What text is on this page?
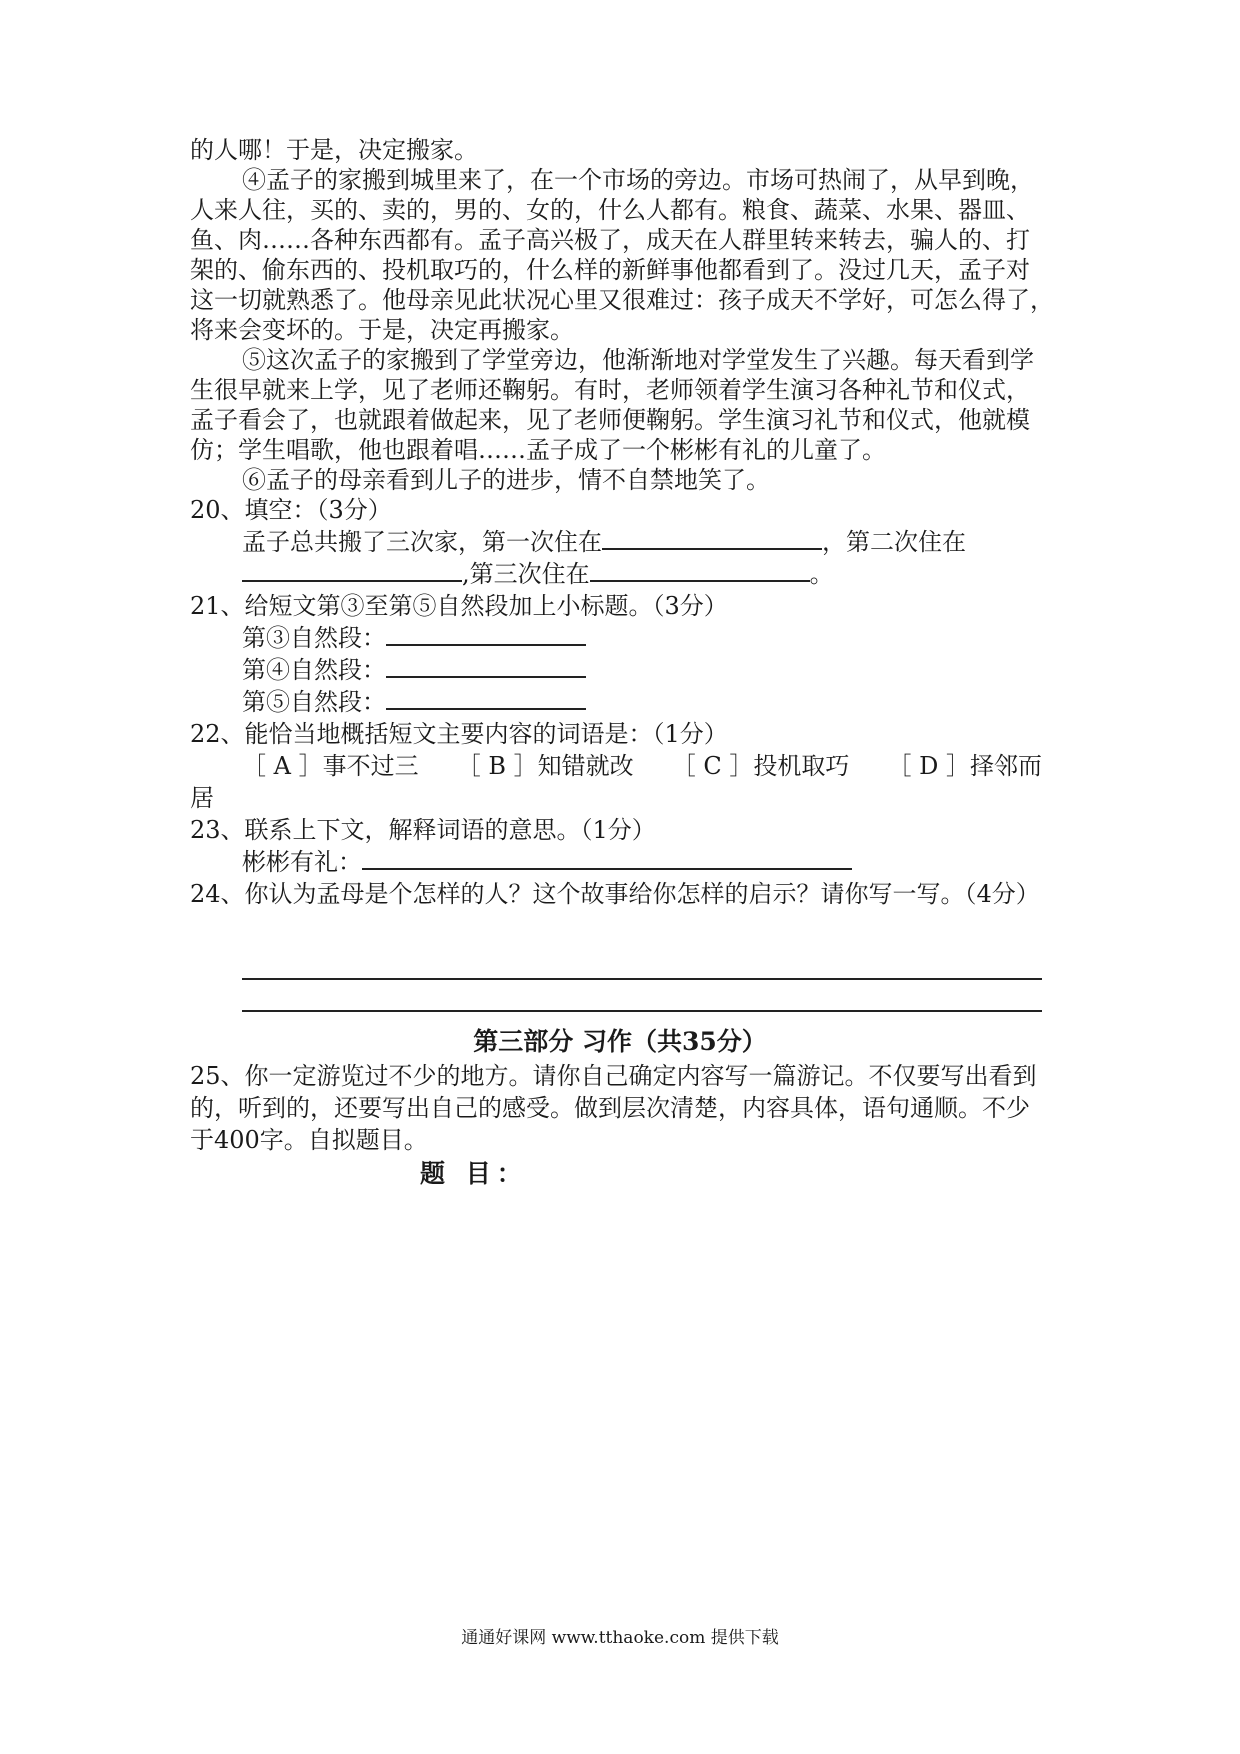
的人哪！于是，决定搬家。
④孟子的家搬到城里来了，在一个市场的旁边。市场可热闹了，从早到晚，
人来人往，买的、卖的，男的、女的，什么人都有。粮食、蔬菜、水果、器皿、
鱼、肉……各种东西都有。孟子高兴极了，成天在人群里转来转去，骗人的、打
架的、偷东西的、投机取巧的，什么样的新鲜事他都看到了。没过几天，孟子对
这一切就熟悉了。他母亲见此状况心里又很难过：孩子成天不学好，可怎么得了，
将来会变坏的。于是，决定再搬家。
⑤这次孟子的家搬到了学堂旁边，他渐渐地对学堂发生了兴趣。每天看到学
生很早就来上学，见了老师还鞠躬。有时，老师领着学生演习各种礼节和仪式，
孟子看会了，也就跟着做起来，见了老师便鞠躬。学生演习礼节和仪式，他就模
仿；学生唱歌，他也跟着唱……孟子成了一个彬彬有礼的儿童了。
⑥孟子的母亲看到儿子的进步，情不自禁地笑了。
20、填空：（3分）
孟子总共搬了三次家，第一次住在	，第二次住在
,第三次住在	。
21、给短文第③至第⑤自然段加上小标题。（3分）
第③自然段：
第④自然段：
第⑤自然段：
22、能恰当地概括短文主要内容的词语是：（1分）
［ A ］事不过三 ［ B ］知错就改 ［ C ］投机取巧 ［ D ］择邻而
居
23、联系上下文，解释词语的意思。（1分）
彬彬有礼：
24、你认为孟母是个怎样的人？这个故事给你怎样的启示？请你写一写。（4分）
第三部分 习作（共35分）
25、你一定游览过不少的地方。请你自己确定内容写一篇游记。不仅要写出看到
的，听到的，还要写出自己的感受。做到层次清楚，内容具体，语句通顺。不少
于400字。自拟题目。
题 目：
通通好课网 www.tthaoke.com 提供下载
